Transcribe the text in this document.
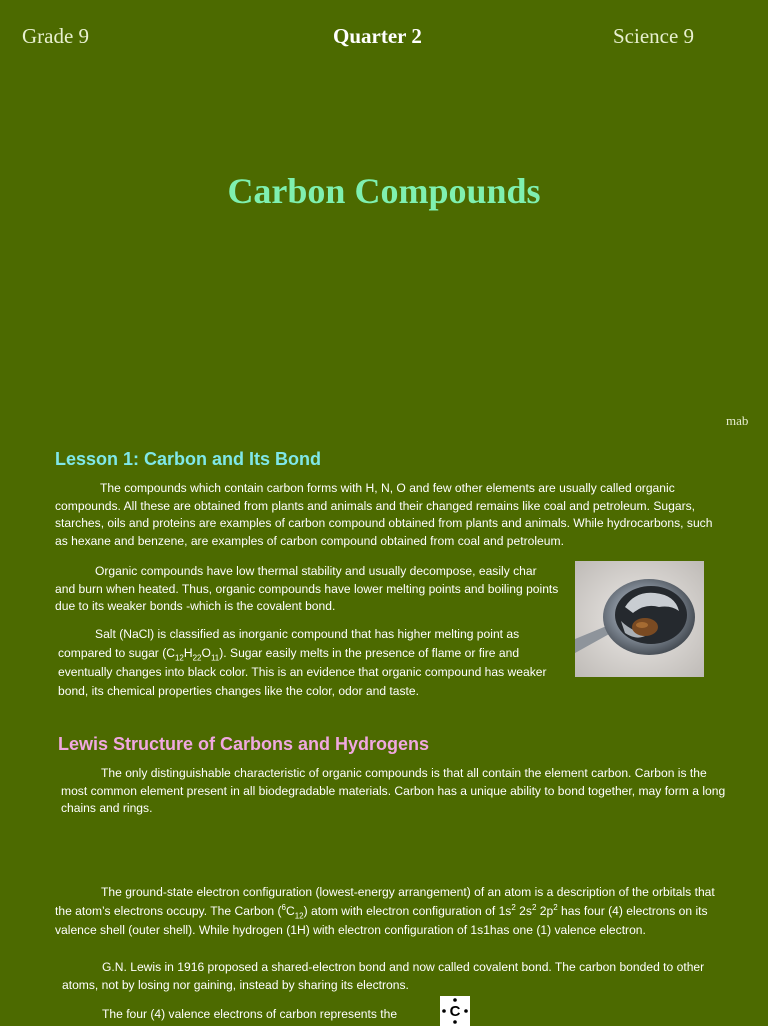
Grade 9	Quarter 2	Science 9
Carbon Compounds
mab
Lesson 1: Carbon and Its Bond
The compounds which contain carbon forms with H, N, O and few other elements are usually called organic compounds. All these are obtained from plants and animals and their changed remains like coal and petroleum. Sugars, starches, oils and proteins are examples of carbon compound obtained from plants and animals. While hydrocarbons, such as hexane and benzene, are examples of carbon compound obtained from coal and petroleum.
Organic compounds have low thermal stability and usually decompose, easily char and burn when heated. Thus, organic compounds have lower melting points and boiling points due to its weaker bonds -which is the covalent bond.
Salt (NaCl) is classified as inorganic compound that has higher melting point as compared to sugar $(C_{12}H_{22}O_{11})$. Sugar easily melts in the presence of flame or fire and eventually changes into black color. This is an evidence that organic compound has weaker bond, its chemical properties changes like the color, odor and taste.
Lewis Structure of Carbons and Hydrogens
The only distinguishable characteristic of organic compounds is that all contain the element carbon. Carbon is the most common element present in all biodegradable materials. Carbon has a unique ability to bond together, may form a long chains and rings.
The ground-state electron configuration (lowest-energy arrangement) of an atom is a description of the orbitals that the atom’s electrons occupy. The Carbon $(^6C_{12})$ atom with electron configuration of $1s^2$ $2s^2$ $2p^2$ has four (4) electrons on its valence shell (outer shell). While hydrogen (1H) with electron configuration of 1s1has one (1) valence electron.
G.N. Lewis in 1916 proposed a shared-electron bond and now called covalent bond. The carbon bonded to other atoms, not by losing nor gaining, instead by sharing its electrons.
The four (4) valence electrons of carbon represents the	C
